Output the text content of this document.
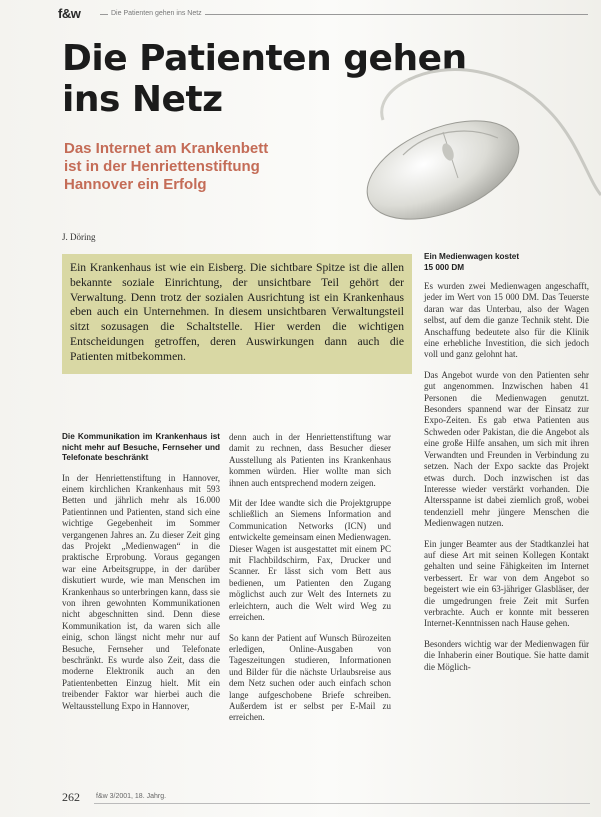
f&w	Die Patienten gehen ins Netz
Die Patienten gehen
ins Netz
Das Internet am Krankenbett
ist in der Henriettenstiftung
Hannover ein Erfolg
J. Döring
Ein Krankenhaus ist wie ein Eisberg. Die sichtbare Spitze ist die allen bekannte soziale Einrichtung, der unsichtbare Teil gehört der Verwaltung. Denn trotz der sozialen Ausrichtung ist ein Krankenhaus eben auch ein Unternehmen. In diesem unsichtbaren Verwaltungsteil sitzt sozusagen die Schaltstelle. Hier werden die wichtigen Entscheidungen getroffen, deren Auswirkungen dann auch die Patienten mitbekommen.
Die Kommunikation im Krankenhaus ist nicht mehr auf Besuche, Fernseher und Telefonate beschränkt

In der Henriettenstiftung in Hannover, einem kirchlichen Krankenhaus mit 593 Betten und jährlich mehr als 16.000 Patientinnen und Patienten, stand sich eine wichtige Gegebenheit im Sommer vergangenen Jahres an. Zu dieser Zeit ging das Projekt „Medienwagen“ in die praktische Erprobung. Voraus gegangen war eine Arbeitsgruppe, in der darüber diskutiert wurde, wie man Menschen im Krankenhaus so unterbringen kann, dass sie von ihren gewohnten Kommunikationen nicht abgeschnitten sind. Denn diese Kommunikation ist, da waren sich alle einig, schon längst nicht mehr nur auf Besuche, Fernseher und Telefonate beschränkt. Es wurde also Zeit, dass die moderne Elektronik auch an den Patientenbetten Einzug hielt. Mit ein treibender Faktor war hierbei auch die Weltausstellung Expo in Hannover,

denn auch in der Henriettenstiftung war damit zu rechnen, dass Besucher dieser Ausstellung als Patienten ins Krankenhaus kommen würden. Hier wollte man sich ihnen auch entsprechend modern zeigen.

Mit der Idee wandte sich die Projektgruppe schließlich an Siemens Information and Communication Networks (ICN) und entwickelte gemeinsam einen Medienwagen. Dieser Wagen ist ausgestattet mit einem PC mit Flachbildschirm, Fax, Drucker und Scanner. Er lässt sich vom Bett aus bedienen, um Patienten den Zugang möglichst auch zur Welt des Internets zu erleichtern, auch die Welt wird Weg zu erreichen.

So kann der Patient auf Wunsch Bürozeiten erledigen, Online-Ausgaben von Tageszeitungen studieren, Informationen und Bilder für die nächste Urlaubsreise aus dem Netz suchen oder auch einfach schon lange aufgeschobene Briefe schreiben. Außerdem ist er selbst per E-Mail zu erreichen.

Ein Medienwagen kostet
15 000 DM

Es wurden zwei Medienwagen angeschafft, jeder im Wert von 15 000 DM. Das Teuerste daran war das Unterbau, also der Wagen selbst, auf dem die ganze Technik steht. Die Anschaffung bedeutete also für die Klinik eine erhebliche Investition, die sich jedoch voll und ganz gelohnt hat.

Das Angebot wurde von den Patienten sehr gut angenommen. Inzwischen haben 41 Personen die Medienwagen genutzt. Besonders spannend war der Einsatz zur Expo-Zeiten. Es gab etwa Patienten aus Schweden oder Pakistan, die die Angebot als eine große Hilfe ansahen, um sich mit ihren Verwandten und Freunden in Verbindung zu setzen. Nach der Expo sackte das Projekt etwas durch. Doch inzwischen ist das Interesse wieder verstärkt vorhanden. Die Altersspanne ist dabei ziemlich groß, wobei tendenziell mehr jüngere Menschen die Medienwagen nutzen.

Ein junger Beamter aus der Stadtkanzlei hat auf diese Art mit seinen Kollegen Kontakt gehalten und seine Fähigkeiten im Internet verbessert. Er war von dem Angebot so begeistert wie ein 63-jähriger Glasbläser, der die umgedrungen freie Zeit mit Surfen verbrachte. Auch er konnte mit besseren Internet-Kenntnissen nach Hause gehen.

Besonders wichtig war der Medienwagen für die Inhaberin einer Boutique. Sie hatte damit die Möglich-

262 f&w 3/2001, 18. Jahrg.
